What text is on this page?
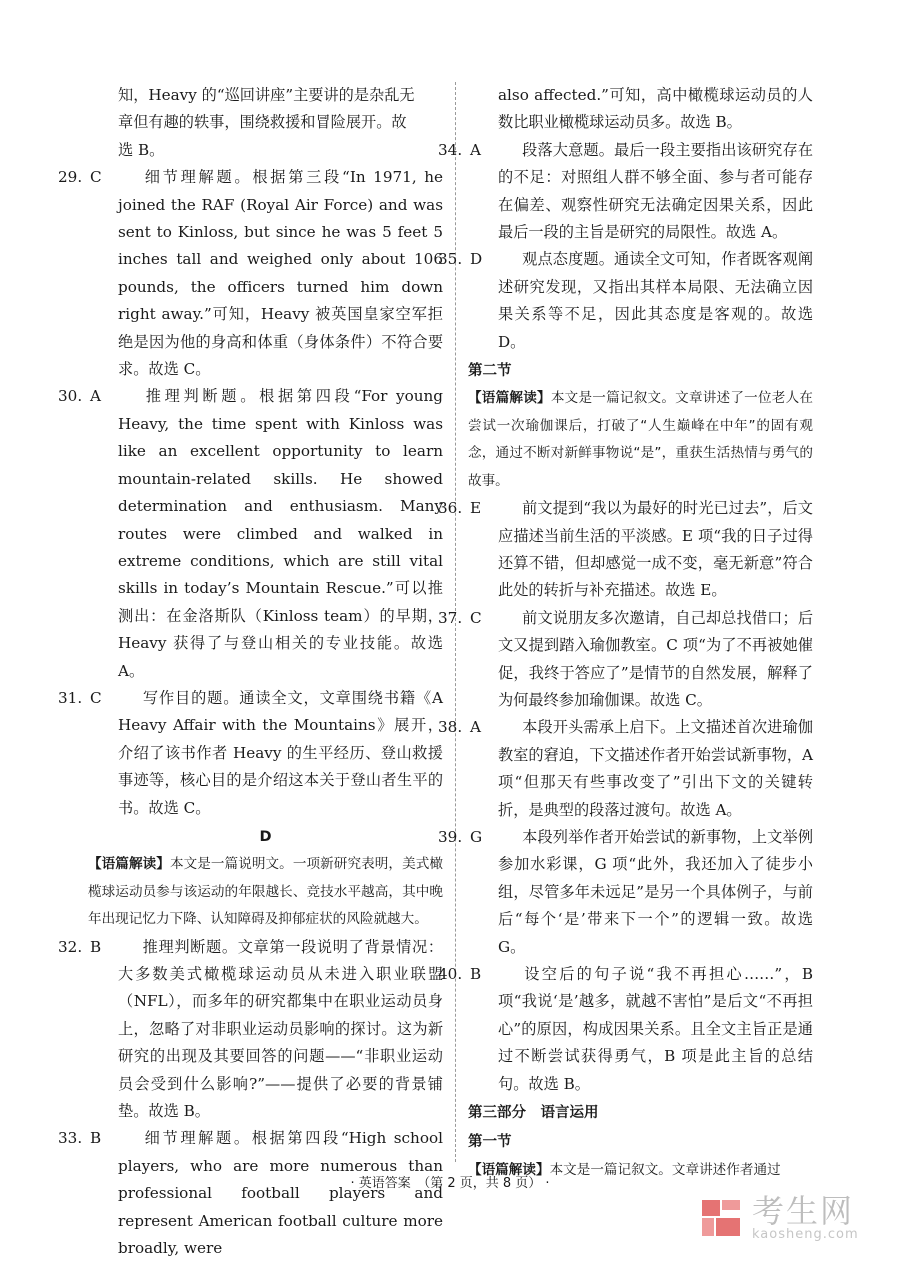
知，Heavy 的“巡回讲座”主要讲的是杂乱无

章但有趣的轶事，围绕救援和冒险展开。故

选 B。

29. C	细节理解题。根据第三段“In 1971, he joined the RAF (Royal Air Force) and was sent to Kinloss, but since he was 5 feet 5 inches tall and weighed only about 106 pounds, the officers turned him down right away.”可知，Heavy 被英国皇家空军拒绝是因为他的身高和体重（身体条件）不符合要求。故选 C。

30. A	推理判断题。根据第四段“For young Heavy, the time spent with Kinloss was like an excellent opportunity to learn mountain-related skills. He showed determination and enthusiasm. Many routes were climbed and walked in extreme conditions, which are still vital skills in today’s Mountain Rescue.”可以推测出：在金洛斯队（Kinloss team）的早期，Heavy 获得了与登山相关的专业技能。故选 A。

31. C	写作目的题。通读全文，文章围绕书籍《A Heavy Affair with the Mountains》展开，介绍了该书作者 Heavy 的生平经历、登山救援事迹等，核心目的是介绍这本关于登山者生平的书。故选 C。

D

【语篇解读】本文是一篇说明文。一项新研究表明，美式橄榄球运动员参与该运动的年限越长、竞技水平越高，其中晚年出现记忆力下降、认知障碍及抑郁症状的风险就越大。

32. B	推理判断题。文章第一段说明了背景情况：大多数美式橄榄球运动员从未进入职业联盟（NFL），而多年的研究都集中在职业运动员身上，忽略了对非职业运动员影响的探讨。这为新研究的出现及其要回答的问题——“非职业运动员会受到什么影响?”——提供了必要的背景铺垫。故选 B。

33. B	细节理解题。根据第四段“High school players, who are more numerous than professional football players and represent American football culture more broadly, were

also affected.”可知，高中橄榄球运动员的人数比职业橄榄球运动员多。故选 B。

34. A	段落大意题。最后一段主要指出该研究存在的不足：对照组人群不够全面、参与者可能存在偏差、观察性研究无法确定因果关系，因此最后一段的主旨是研究的局限性。故选 A。

35. D	观点态度题。通读全文可知，作者既客观阐述研究发现，又指出其样本局限、无法确立因果关系等不足，因此其态度是客观的。故选 D。

第二节

【语篇解读】本文是一篇记叙文。文章讲述了一位老人在尝试一次瑜伽课后，打破了“人生巅峰在中年”的固有观念，通过不断对新鲜事物说“是”，重获生活热情与勇气的故事。

36. E	前文提到“我以为最好的时光已过去”，后文应描述当前生活的平淡感。E 项“我的日子过得还算不错，但却感觉一成不变，毫无新意”符合此处的转折与补充描述。故选 E。

37. C	前文说朋友多次邀请，自己却总找借口；后文又提到踏入瑜伽教室。C 项“为了不再被她催促，我终于答应了”是情节的自然发展，解释了为何最终参加瑜伽课。故选 C。

38. A	本段开头需承上启下。上文描述首次进瑜伽教室的窘迫，下文描述作者开始尝试新事物，A 项“但那天有些事改变了”引出下文的关键转折，是典型的段落过渡句。故选 A。

39. G	本段列举作者开始尝试的新事物，上文举例参加水彩课，G 项“此外，我还加入了徒步小组，尽管多年未远足”是另一个具体例子，与前后“每个‘是’带来下一个”的逻辑一致。故选 G。

40. B	设空后的句子说“我不再担心……”，B 项“我说‘是’越多，就越不害怕”是后文“不再担心”的原因，构成因果关系。且全文主旨正是通过不断尝试获得勇气，B 项是此主旨的总结句。故选 B。

第三部分　语言运用

第一节

【语篇解读】本文是一篇记叙文。文章讲述作者通过

· 英语答案　（第 2 页，共 8 页） ·
考生网
kaosheng.com
